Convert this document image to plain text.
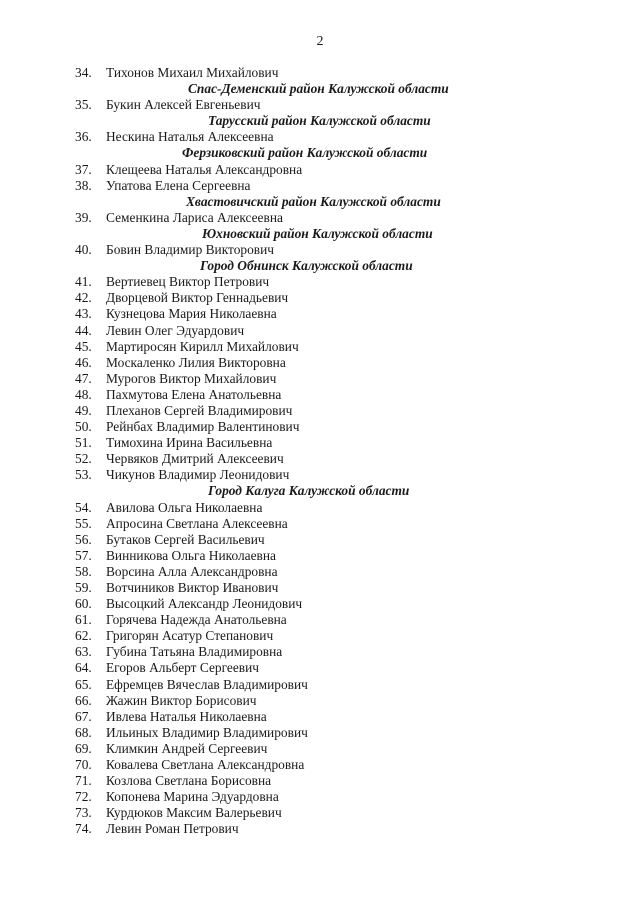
2
34.	Тихонов Михаил Михайлович
Спас-Деменский район Калужской области
35.	Букин Алексей Евгеньевич
Тарусский район Калужской области
36.	Нескина Наталья Алексеевна
Ферзиковский район Калужской области
37.	Клещеева Наталья Александровна
38.	Упатова Елена Сергеевна
Хвастовичский район Калужской области
39.	Семенкина Лариса Алексеевна
Юхновский район Калужской области
40.	Бовин Владимир Викторович
Город Обнинск Калужской области
41.	Вертиевец Виктор Петрович
42.	Дворцевой Виктор Геннадьевич
43.	Кузнецова Мария Николаевна
44.	Левин Олег Эдуардович
45.	Мартиросян Кирилл Михайлович
46.	Москаленко Лилия Викторовна
47.	Мурогов Виктор Михайлович
48.	Пахмутова Елена Анатольевна
49.	Плеханов Сергей Владимирович
50.	Рейнбах Владимир Валентинович
51.	Тимохина Ирина Васильевна
52.	Червяков Дмитрий Алексеевич
53.	Чикунов Владимир Леонидович
Город Калуга Калужской области
54.	Авилова Ольга Николаевна
55.	Апросина Светлана Алексеевна
56.	Бутаков Сергей Васильевич
57.	Винникова Ольга Николаевна
58.	Ворсина Алла Александровна
59.	Вотчиников Виктор Иванович
60.	Высоцкий Александр Леонидович
61.	Горячева Надежда Анатольевна
62.	Григорян Асатур Степанович
63.	Губина Татьяна Владимировна
64.	Егоров Альберт Сергеевич
65.	Ефремцев Вячеслав Владимирович
66.	Жажин Виктор Борисович
67.	Ивлева Наталья Николаевна
68.	Ильиных Владимир Владимирович
69.	Климкин Андрей Сергеевич
70.	Ковалева Светлана Александровна
71.	Козлова Светлана Борисовна
72.	Копонева Марина Эдуардовна
73.	Курдюков Максим Валерьевич
74.	Левин Роман Петрович
